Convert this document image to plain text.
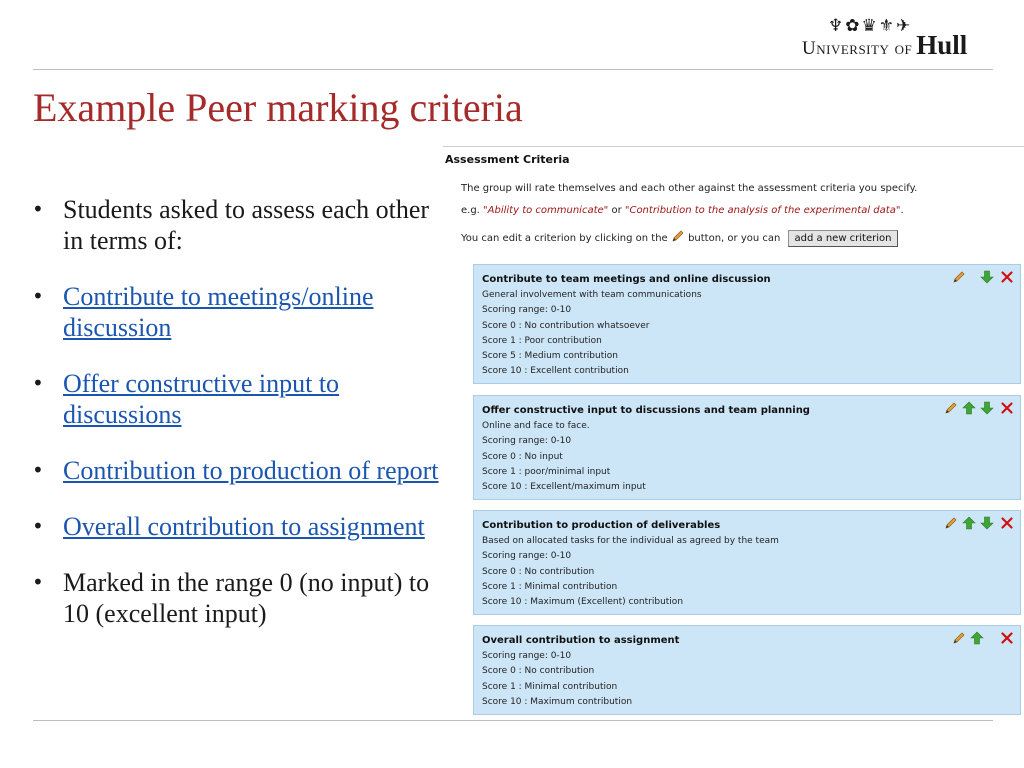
♆✿♛⚜✈
University of Hull
Example Peer marking criteria
• Students asked to assess each other in terms of:
• Contribute to meetings/online discussion
• Offer constructive input to discussions
• Contribution to production of report
• Overall contribution to assignment
• Marked in the range 0 (no input) to 10 (excellent input)
Assessment Criteria
The group will rate themselves and each other against the assessment criteria you specify.
e.g. "Ability to communicate" or "Contribution to the analysis of the experimental data".
You can edit a criterion by clicking on the  button, or you can add a new criterion
Contribute to team meetings and online discussion
General involvement with team communications
Scoring range: 0-10
Score 0 : No contribution whatsoever
Score 1 : Poor contribution
Score 5 : Medium contribution
Score 10 : Excellent contribution
Offer constructive input to discussions and team planning
Online and face to face.
Scoring range: 0-10
Score 0 : No input
Score 1 : poor/minimal input
Score 10 : Excellent/maximum input
Contribution to production of deliverables
Based on allocated tasks for the individual as agreed by the team
Scoring range: 0-10
Score 0 : No contribution
Score 1 : Minimal contribution
Score 10 : Maximum (Excellent) contribution
Overall contribution to assignment
Scoring range: 0-10
Score 0 : No contribution
Score 1 : Minimal contribution
Score 10 : Maximum contribution
